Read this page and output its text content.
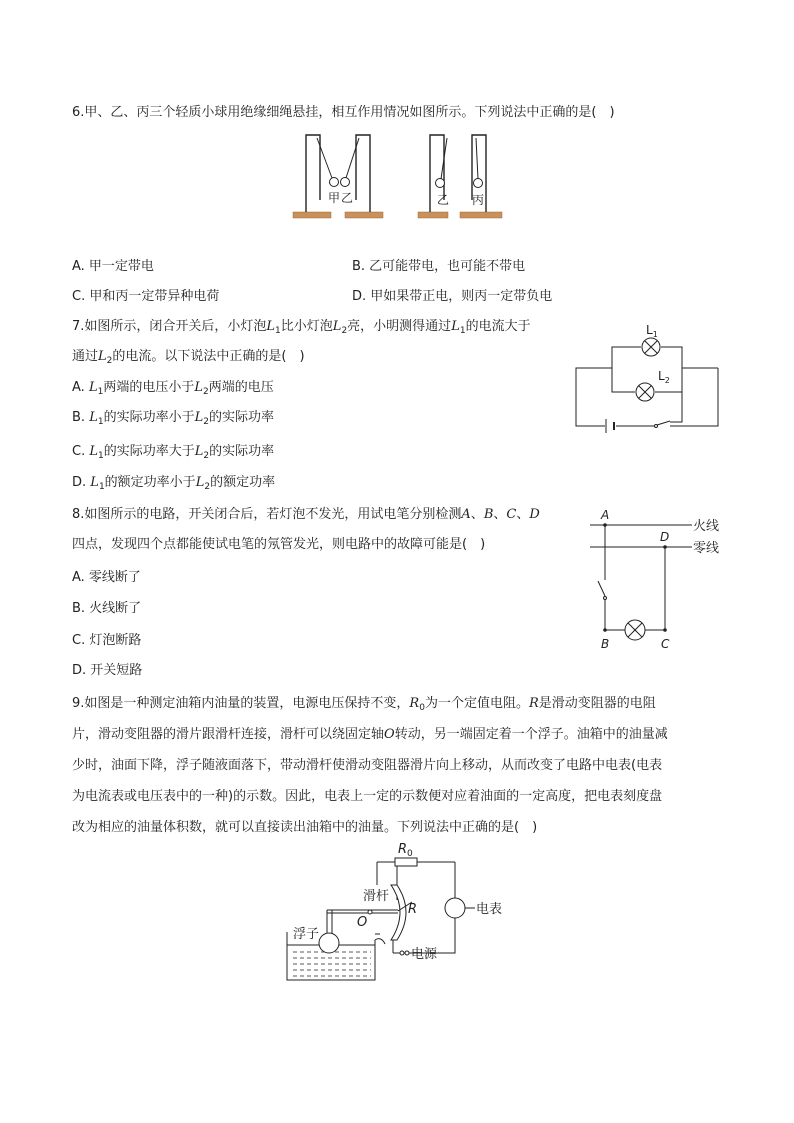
6.甲、乙、丙三个轻质小球用绝缘细绳悬挂，相互作用情况如图所示。下列说法中正确的是(　)
甲 乙	乙 丙
A. 甲一定带电	B. 乙可能带电，也可能不带电
C. 甲和丙一定带异种电荷	D. 甲如果带正电，则丙一定带负电
7.如图所示，闭合开关后，小灯泡$L_1$比小灯泡$L_2$亮，小明测得通过$L_1$的电流大于
通过$L_2$的电流。以下说法中正确的是(　)
A. $L_1$两端的电压小于$L_2$两端的电压
B. $L_1$的实际功率小于$L_2$的实际功率
C. $L_1$的实际功率大于$L_2$的实际功率
D. $L_1$的额定功率小于$L_2$的额定功率
$L_1$
$L_2$
8.如图所示的电路，开关闭合后，若灯泡不发光，用试电笔分别检测A、B、C、D
四点，发现四个点都能使试电笔的氖管发光，则电路中的故障可能是(　)
A. 零线断了
B. 火线断了
C. 灯泡断路
D. 开关短路
A
D
B	C
火线
零线
9.如图是一种测定油箱内油量的装置，电源电压保持不变，$R_0$为一个定值电阻。R是滑动变阻器的电阻
片，滑动变阻器的滑片跟滑杆连接，滑杆可以绕固定轴O转动，另一端固定着一个浮子。油箱中的油量减
少时，油面下降，浮子随液面落下，带动滑杆使滑动变阻器滑片向上移动，从而改变了电路中电表(电表
为电流表或电压表中的一种)的示数。因此，电表上一定的示数便对应着油面的一定高度，把电表刻度盘
改为相应的油量体积数，就可以直接读出油箱中的油量。下列说法中正确的是(　)
$R_0$
滑杆
O
R	电表
浮子
电源
